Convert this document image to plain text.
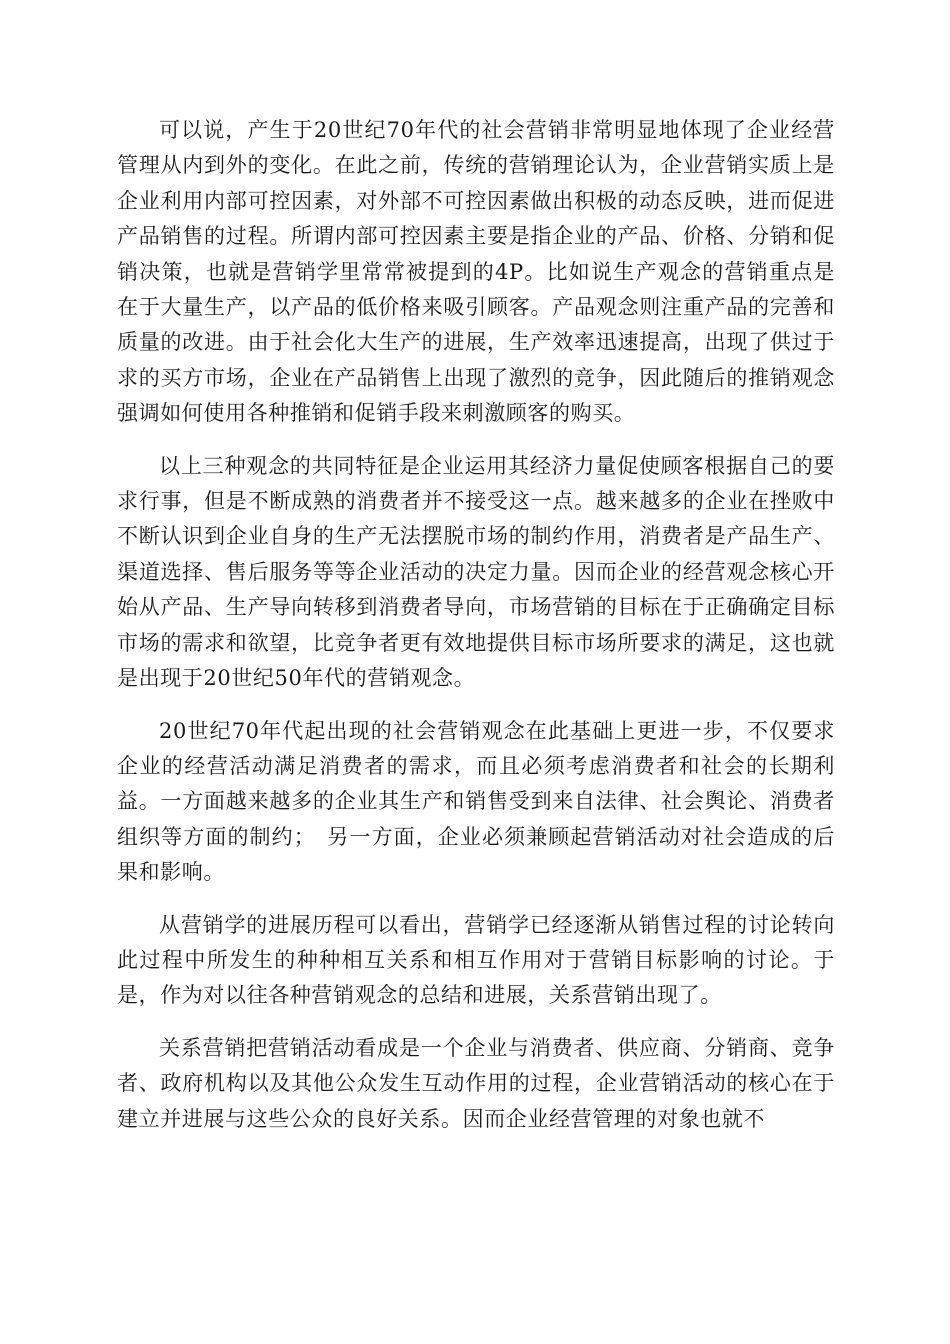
可以说，产生于20世纪70年代的社会营销非常明显地体现了企业经营管理从内到外的变化。在此之前，传统的营销理论认为，企业营销实质上是企业利用内部可控因素，对外部不可控因素做出积极的动态反映，进而促进产品销售的过程。所谓内部可控因素主要是指企业的产品、价格、分销和促销决策，也就是营销学里常常被提到的4P。比如说生产观念的营销重点是在于大量生产，以产品的低价格来吸引顾客。产品观念则注重产品的完善和质量的改进。由于社会化大生产的进展，生产效率迅速提高，出现了供过于求的买方市场，企业在产品销售上出现了激烈的竞争，因此随后的推销观念强调如何使用各种推销和促销手段来刺激顾客的购买。

以上三种观念的共同特征是企业运用其经济力量促使顾客根据自己的要求行事，但是不断成熟的消费者并不接受这一点。越来越多的企业在挫败中不断认识到企业自身的生产无法摆脱市场的制约作用，消费者是产品生产、渠道选择、售后服务等等企业活动的决定力量。因而企业的经营观念核心开始从产品、生产导向转移到消费者导向，市场营销的目标在于正确确定目标市场的需求和欲望，比竞争者更有效地提供目标市场所要求的满足，这也就是出现于20世纪50年代的营销观念。

20世纪70年代起出现的社会营销观念在此基础上更进一步，不仅要求企业的经营活动满足消费者的需求，而且必须考虑消费者和社会的长期利益。一方面越来越多的企业其生产和销售受到来自法律、社会舆论、消费者组织等方面的制约；　另一方面，企业必须兼顾起营销活动对社会造成的后果和影响。

从营销学的进展历程可以看出，营销学已经逐渐从销售过程的讨论转向此过程中所发生的种种相互关系和相互作用对于营销目标影响的讨论。于是，作为对以往各种营销观念的总结和进展，关系营销出现了。

关系营销把营销活动看成是一个企业与消费者、供应商、分销商、竞争者、政府机构以及其他公众发生互动作用的过程，企业营销活动的核心在于建立并进展与这些公众的良好关系。因而企业经营管理的对象也就不
